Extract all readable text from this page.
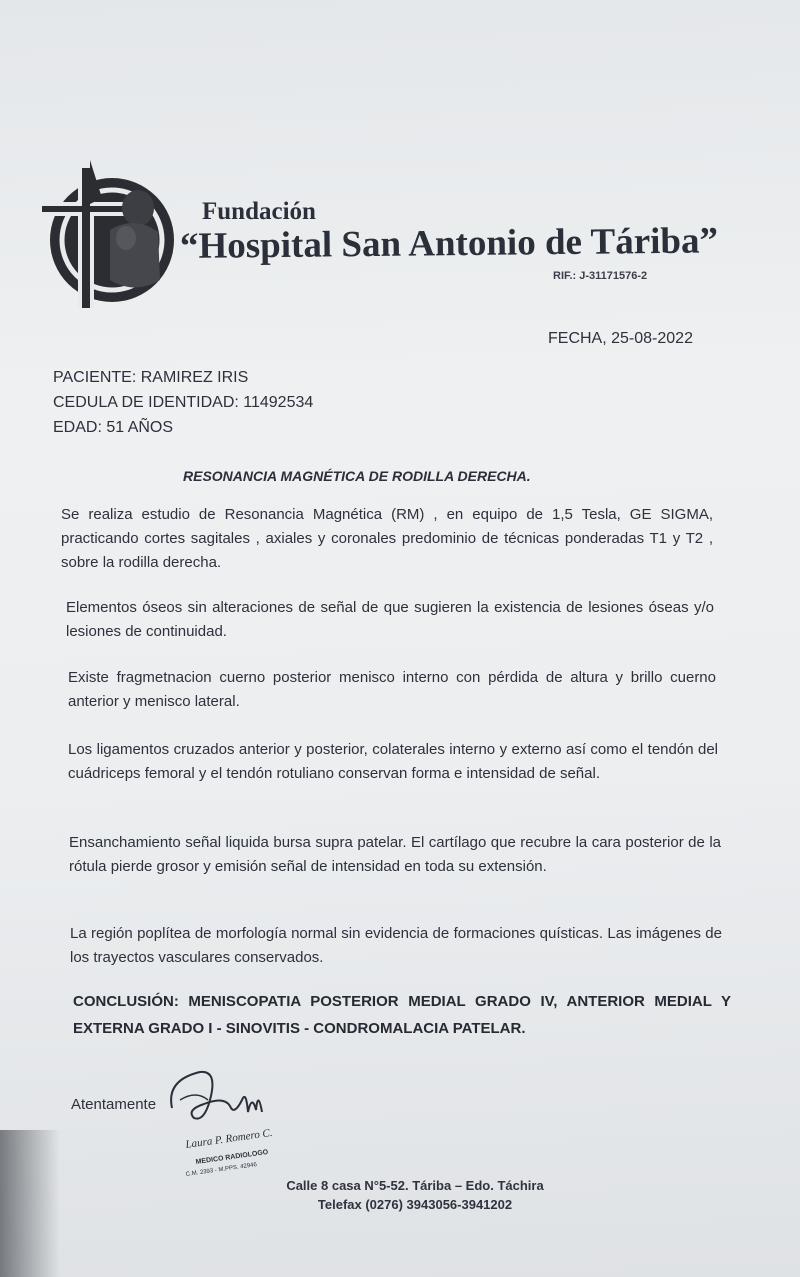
Fundación
“Hospital San Antonio de Táriba”
RIF.: J-31171576-2
FECHA, 25-08-2022
PACIENTE: RAMIREZ IRIS
CEDULA DE IDENTIDAD: 11492534
EDAD: 51 AÑOS
RESONANCIA MAGNÉTICA DE RODILLA DERECHA.
Se realiza estudio de Resonancia Magnética (RM) , en equipo de 1,5 Tesla, GE SIGMA, practicando cortes sagitales , axiales y coronales predominio de técnicas ponderadas T1 y T2 , sobre la rodilla derecha.
Elementos óseos sin alteraciones de señal de que sugieren la existencia de lesiones óseas y/o lesiones de continuidad.
Existe fragmetnacion cuerno posterior menisco interno con pérdida de altura y brillo cuerno anterior y menisco lateral.
Los ligamentos cruzados anterior y posterior, colaterales interno y externo así como el tendón del cuádriceps femoral y el tendón rotuliano conservan forma e intensidad de señal.
Ensanchamiento señal liquida bursa supra patelar. El cartílago que recubre la cara posterior de la rótula pierde grosor y emisión señal de intensidad en toda su extensión.
La región poplítea de morfología normal sin evidencia de formaciones quísticas. Las imágenes de los trayectos vasculares conservados.
CONCLUSIÓN: MENISCOPATIA POSTERIOR MEDIAL GRADO IV, ANTERIOR MEDIAL Y EXTERNA GRADO I - SINOVITIS - CONDROMALACIA PATELAR.
Atentamente
Laura P. Romero C.
MEDICO RADIOLOGO
C.M. 2393 - M.PPS. 42946
Calle 8 casa N°5-52. Táriba – Edo. Táchira
Telefax (0276) 3943056-3941202
